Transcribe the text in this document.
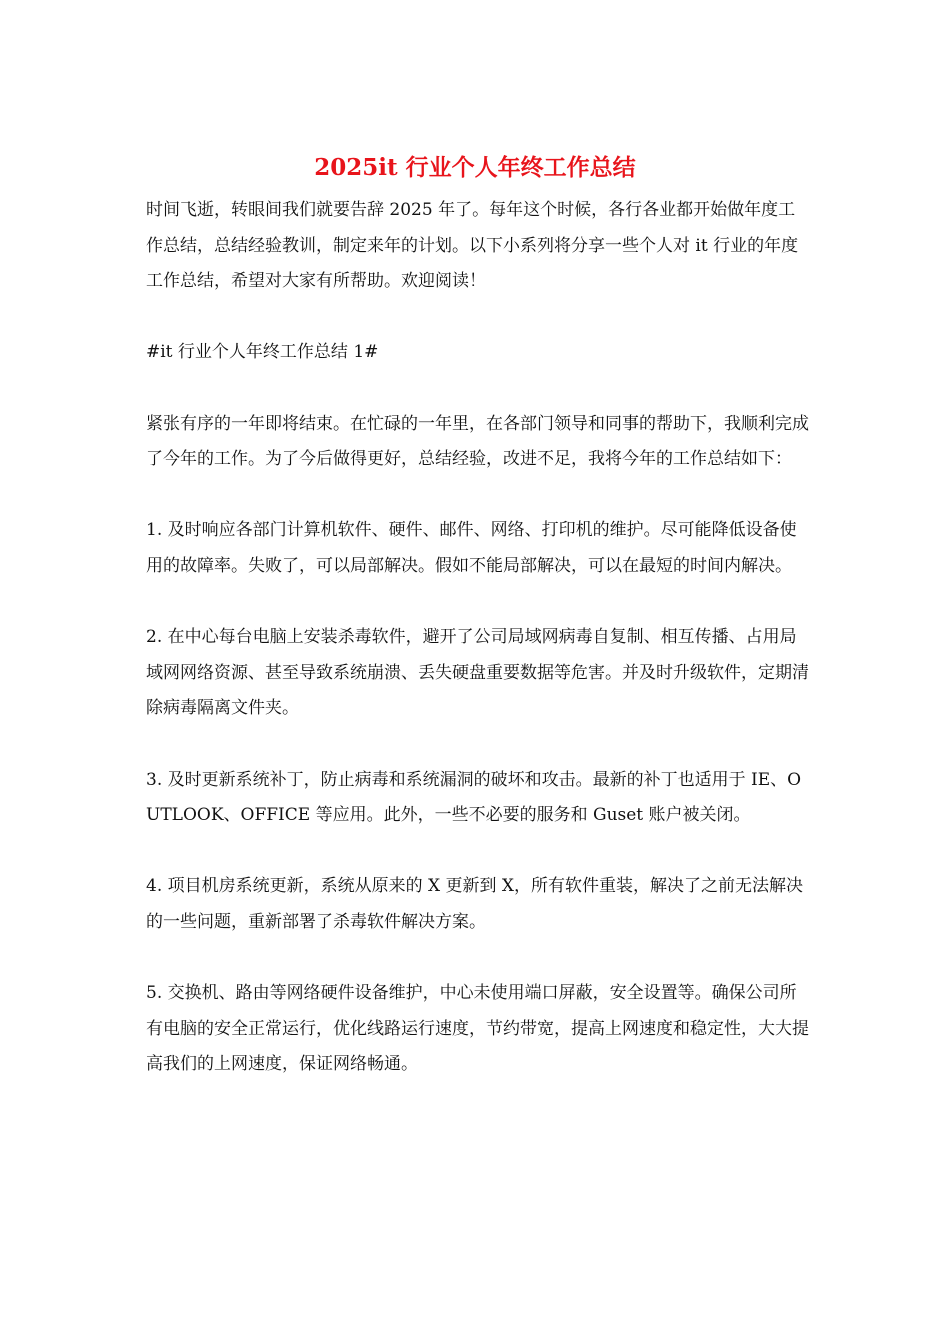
2025it 行业个人年终工作总结

时间飞逝，转眼间我们就要告辞 2025 年了。每年这个时候，各行各业都开始做年度工作总结，总结经验教训，制定来年的计划。以下小系列将分享一些个人对 it 行业的年度工作总结，希望对大家有所帮助。欢迎阅读！

#it 行业个人年终工作总结 1#

紧张有序的一年即将结束。在忙碌的一年里，在各部门领导和同事的帮助下，我顺利完成了今年的工作。为了今后做得更好，总结经验，改进不足，我将今年的工作总结如下：

1. 及时响应各部门计算机软件、硬件、邮件、网络、打印机的维护。尽可能降低设备使用的故障率。失败了，可以局部解决。假如不能局部解决，可以在最短的时间内解决。

2. 在中心每台电脑上安装杀毒软件，避开了公司局域网病毒自复制、相互传播、占用局域网网络资源、甚至导致系统崩溃、丢失硬盘重要数据等危害。并及时升级软件，定期清除病毒隔离文件夹。

3. 及时更新系统补丁，防止病毒和系统漏洞的破坏和攻击。最新的补丁也适用于 IE、OUTLOOK、OFFICE 等应用。此外，一些不必要的服务和 Guset 账户被关闭。

4. 项目机房系统更新，系统从原来的 X 更新到 X，所有软件重装，解决了之前无法解决的一些问题，重新部署了杀毒软件解决方案。

5. 交换机、路由等网络硬件设备维护，中心未使用端口屏蔽，安全设置等。确保公司所有电脑的安全正常运行，优化线路运行速度，节约带宽，提高上网速度和稳定性，大大提高我们的上网速度，保证网络畅通。
